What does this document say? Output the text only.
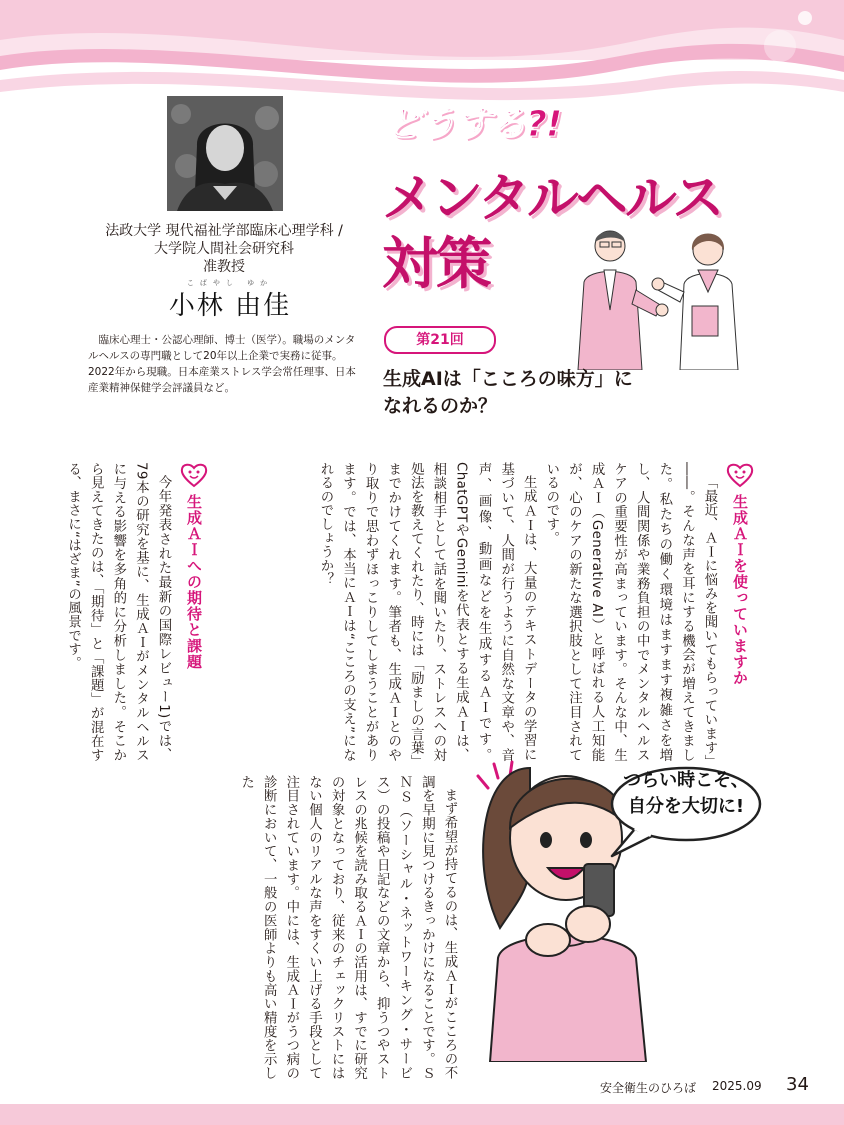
法政大学 現代福祉学部臨床心理学科 /
大学院人間社会研究科
准教授
こばやし ゆか
小林 由佳
臨床心理士・公認心理師、博士（医学）。職場のメンタルヘルスの専門職として20年以上企業で実務に従事。2022年から現職。日本産業ストレス学会常任理事、日本産業精神保健学会評議員など。
どうする?!
メンタルヘルス
対策
第21回
生成AIは「こころの味方」に
なれるのか？
生成ＡＩを使っていますか

「最近、ＡＩに悩みを聞いてもらっています」――。そんな声を耳にする機会が増えてきました。私たちの働く環境はますます複雑さを増し、人間関係や業務負担の中でメンタルヘルスケアの重要性が高まっています。そんな中、生成ＡＩ（Generative AI）と呼ばれる人工知能が、心のケアの新たな選択肢として注目されているのです。

生成ＡＩは、大量のテキストデータの学習に基づいて、人間が行うように自然な文章や、音声、画像、動画などを生成するＡＩです。ChatGPTやGeminiを代表とする生成ＡＩは、相談相手として話を聞いたり、ストレスへの対処法を教えてくれたり、時には「励ましの言葉」までかけてくれます。筆者も、生成ＡＩとのやり取りで思わずほっこりしてしまうことがあります。では、本当にＡＩは“こころの支え”になれるのでしょうか？

生成ＡＩへの期待と課題

今年発表された最新の国際レビュー1)では、79本の研究を基に、生成ＡＩがメンタルヘルスに与える影響を多角的に分析しました。そこから見えてきたのは、「期待」と「課題」が混在する、まさに“はざま”の風景です。

まず希望が持てるのは、生成ＡＩがこころの不調を早期に見つけるきっかけになることです。ＳＮＳ（ソーシャル・ネットワーキング・サービス）の投稿や日記などの文章から、抑うつやストレスの兆候を読み取るＡＩの活用は、すでに研究の対象となっており、従来のチェックリストにはない個人のリアルな声をすくい上げる手段として注目されています。中には、生成ＡＩがうつ病の診断において、一般の医師よりも高い精度を示した	つらい時こそ、
自分を大切に!
安全衛生のひろば 2025.09 34
